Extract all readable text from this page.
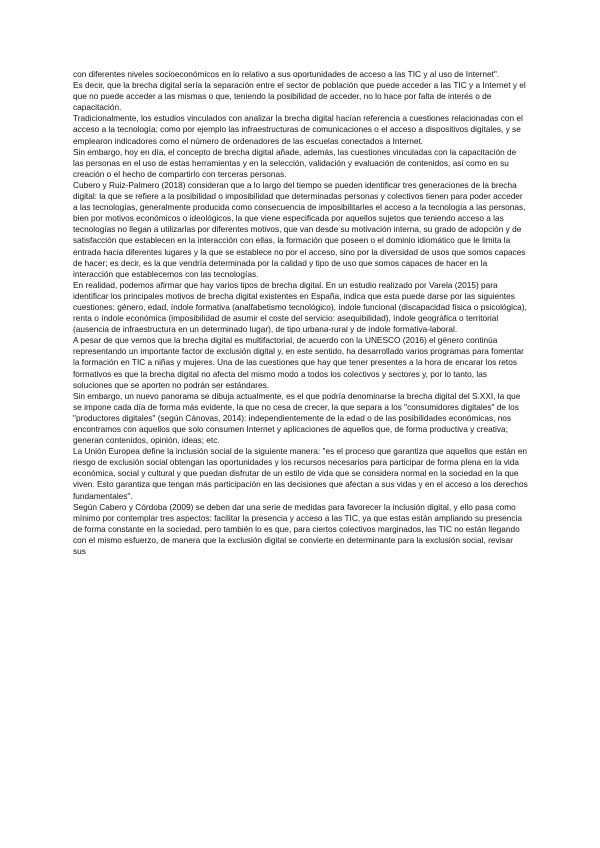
con diferentes niveles socioeconómicos en lo relativo a sus oportunidades de acceso a las TIC y al uso de Internet".

Es decir, que la brecha digital sería la separación entre el sector de población que puede acceder a las TIC y a Internet y el que no puede acceder a las mismas o que, teniendo la posibilidad de acceder, no lo hace por falta de interés o de capacitación.

Tradicionalmente, los estudios vinculados con analizar la brecha digital hacían referencia a cuestiones relacionadas con el acceso a la tecnología; como por ejemplo las infraestructuras de comunicaciones o el acceso a dispositivos digitales, y se emplearon indicadores como el número de ordenadores de las escuelas conectados a Internet.

Sin embargo, hoy en día, el concepto de brecha digital añade, además, las cuestiones vinculadas con la capacitación de las personas en el uso de estas herramientas y en la selección, validación y evaluación de contenidos, así como en su creación o el hecho de compartirlo con terceras personas.

Cubero y Ruiz-Palmero (2018) consideran que a lo largo del tiempo se pueden identificar tres generaciones de la brecha digital: la que se refiere a la posibilidad o imposibilidad que determinadas personas y colectivos tienen para poder acceder a las tecnologías, generalmente producida como consecuencia de imposibilitarles el acceso a la tecnología a las personas, bien por motivos económicos o ideológicos, la que viene especificada por aquellos sujetos que teniendo acceso a las tecnologías no llegan a utilizarlas por diferentes motivos, que van desde su motivación interna, su grado de adopción y de satisfacción que establecen en la interacción con ellas, la formación que poseen o el dominio idiomático que le limita la entrada hacia diferentes lugares y la que se establece no por el acceso, sino por la diversidad de usos que somos capaces de hacer; es decir, es la que vendría determinada por la calidad y tipo de uso que somos capaces de hacer en la interacción que establecemos con las tecnologías.

En realidad, podemos afirmar que hay varios tipos de brecha digital. En un estudio realizado por Varela (2015) para identificar los principales motivos de brecha digital existentes en España, indica que esta puede darse por las siguientes cuestiones: género, edad, índole formativa (analfabetismo tecnológico), índole funcional (discapacidad física o psicológica), renta o índole económica (imposibilidad de asumir el coste del servicio: asequibilidad), índole geográfica o territorial (ausencia de infraestructura en un determinado lugar), de tipo urbana-rural y de índole formativa-laboral.

A pesar de que vemos que la brecha digital es multifactorial, de acuerdo con la UNESCO (2016) el género continúa representando un importante factor de exclusión digital y, en este sentido, ha desarrollado varios programas para fomentar la formación en TIC a niñas y mujeres. Una de las cuestiones que hay que tener presentes a la hora de encarar los retos formativos es que la brecha digital no afecta del mismo modo a todos los colectivos y sectores y, por lo tanto, las soluciones que se aporten no podrán ser estándares.

Sin embargo, un nuevo panorama se dibuja actualmente, es el que podría denominarse la brecha digital del S.XXI, la que se impone cada día de forma más evidente, la que no cesa de crecer, la que separa a los "consumidores digitales" de los "productores digitales" (según Cánovas, 2014): independientemente de la edad o de las posibilidades económicas, nos encontramos con aquellos que solo consumen Internet y aplicaciones de aquellos que, de forma productiva y creativa; generan contenidos, opinión, ideas; etc.

La Unión Europea define la inclusión social de la siguiente manera: "es el proceso que garantiza que aquellos que están en riesgo de exclusión social obtengan las oportunidades y los recursos necesarios para participar de forma plena en la vida económica, social y cultural y que puedan disfrutar de un estilo de vida que se considera normal en la sociedad en la que viven. Esto garantiza que tengan más participación en las decisiones que afectan a sus vidas y en el acceso a los derechos fundamentales".

Según Cabero y Córdoba (2009) se deben dar una serie de medidas para favorecer la inclusión digital, y ello pasa como mínimo por contemplar tres aspectos: facilitar la presencia y acceso a las TIC, ya que estas están ampliando su presencia de forma constante en la sociedad, pero también lo es que, para ciertos colectivos marginados, las TIC no están llegando con el mismo esfuerzo, de manera que la exclusión digital se convierte en determinante para la exclusión social, revisar sus
